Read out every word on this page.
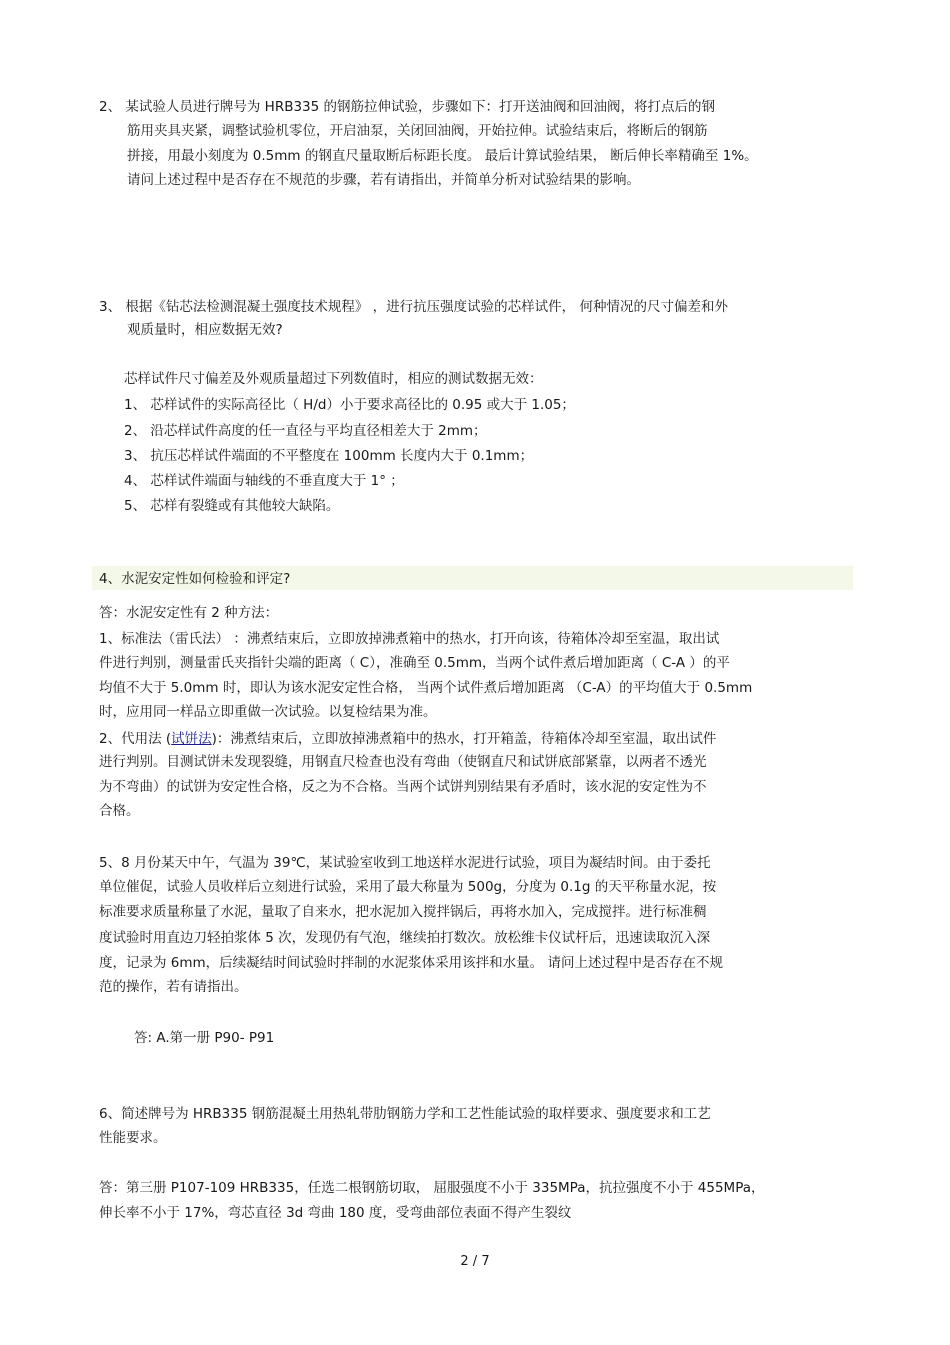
2、 某试验人员进行牌号为 HRB335 的钢筋拉伸试验，步骤如下：打开送油阀和回油阀，将打点后的钢
筋用夹具夹紧，调整试验机零位，开启油泵，关闭回油阀，开始拉伸。试验结束后，将断后的钢筋
拼接，用最小刻度为 0.5mm 的钢直尺量取断后标距长度。 最后计算试验结果， 断后伸长率精确至 1%。
请问上述过程中是否存在不规范的步骤，若有请指出，并简单分析对试验结果的影响。
3、 根据《钻芯法检测混凝土强度技术规程》 ，进行抗压强度试验的芯样试件， 何种情况的尺寸偏差和外
观质量时，相应数据无效?
芯样试件尺寸偏差及外观质量超过下列数值时，相应的测试数据无效：
1、 芯样试件的实际高径比（ H/d）小于要求高径比的 0.95 或大于 1.05；
2、 沿芯样试件高度的任一直径与平均直径相差大于 2mm；
3、 抗压芯样试件端面的不平整度在 100mm 长度内大于 0.1mm；
4、 芯样试件端面与轴线的不垂直度大于 1° ；
5、 芯样有裂缝或有其他较大缺陷。
4、水泥安定性如何检验和评定?
答：水泥安定性有 2 种方法：
1、标准法（雷氏法） ：沸煮结束后，立即放掉沸煮箱中的热水，打开向该，待箱体冷却至室温，取出试
件进行判别，测量雷氏夹指针尖端的距离（ C），准确至 0.5mm，当两个试件煮后增加距离（ C-A ）的平
均值不大于 5.0mm 时，即认为该水泥安定性合格， 当两个试件煮后增加距离 （C-A）的平均值大于 0.5mm
时，应用同一样品立即重做一次试验。以复检结果为准。
2、代用法 (试饼法)：沸煮结束后，立即放掉沸煮箱中的热水，打开箱盖，待箱体冷却至室温，取出试件
进行判别。目测试饼未发现裂缝，用钢直尺检查也没有弯曲（使钢直尺和试饼底部紧靠，以两者不透光
为不弯曲）的试饼为安定性合格，反之为不合格。当两个试饼判别结果有矛盾时，该水泥的安定性为不
合格。
5、8 月份某天中午，气温为 39℃，某试验室收到工地送样水泥进行试验，项目为凝结时间。由于委托
单位催促，试验人员收样后立刻进行试验，采用了最大称量为 500g，分度为 0.1g 的天平称量水泥，按
标准要求质量称量了水泥，量取了自来水，把水泥加入搅拌锅后，再将水加入，完成搅拌。进行标准稠
度试验时用直边刀轻拍浆体 5 次，发现仍有气泡，继续拍打数次。放松维卡仪试杆后，迅速读取沉入深
度，记录为 6mm，后续凝结时间试验时拌制的水泥浆体采用该拌和水量。 请问上述过程中是否存在不规
范的操作，若有请指出。
答: A.第一册 P90- P91
6、简述牌号为 HRB335 钢筋混凝土用热轧带肋钢筋力学和工艺性能试验的取样要求、强度要求和工艺
性能要求。
答：第三册 P107-109 HRB335，任选二根钢筋切取， 屈服强度不小于 335MPa，抗拉强度不小于 455MPa，
伸长率不小于 17%，弯芯直径 3d 弯曲 180 度，受弯曲部位表面不得产生裂纹
2 / 7
